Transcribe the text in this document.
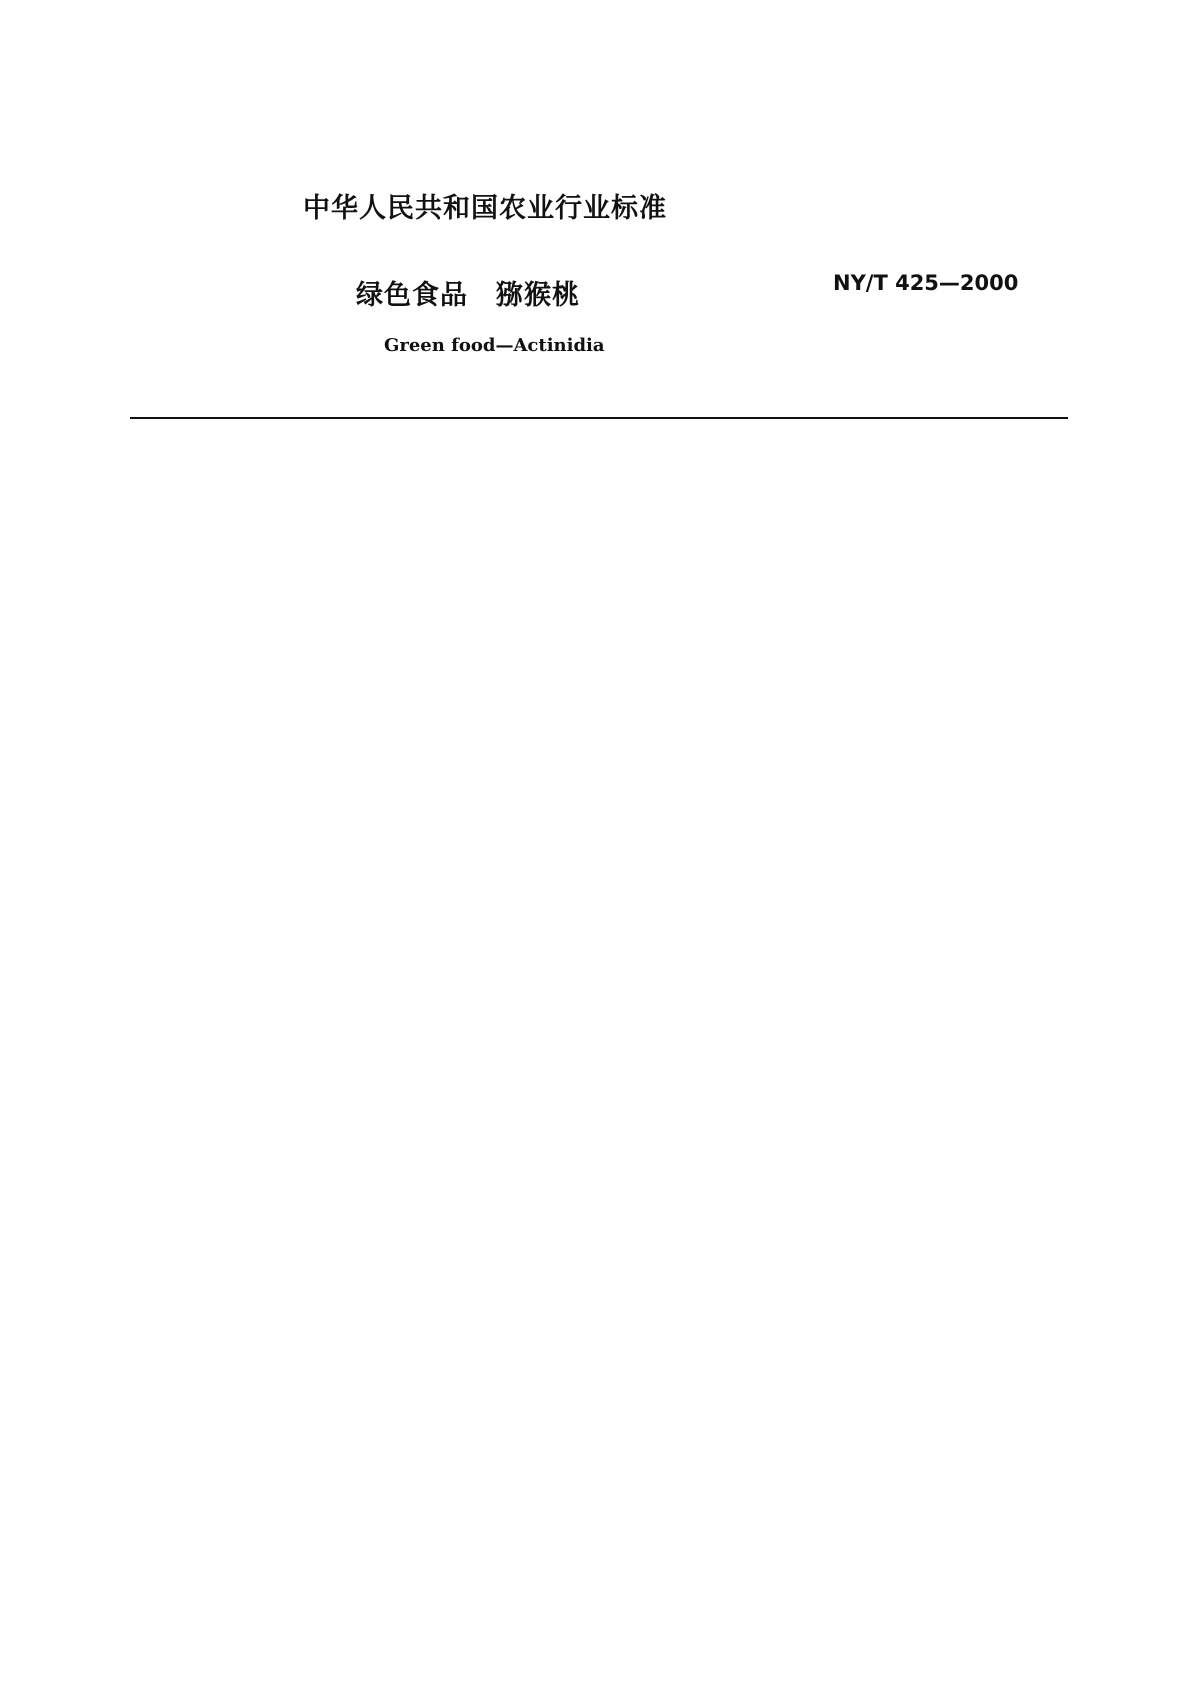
中华人民共和国农业行业标准
绿色食品　猕猴桃	NY/T 425—2000
Green food—Actinidia
